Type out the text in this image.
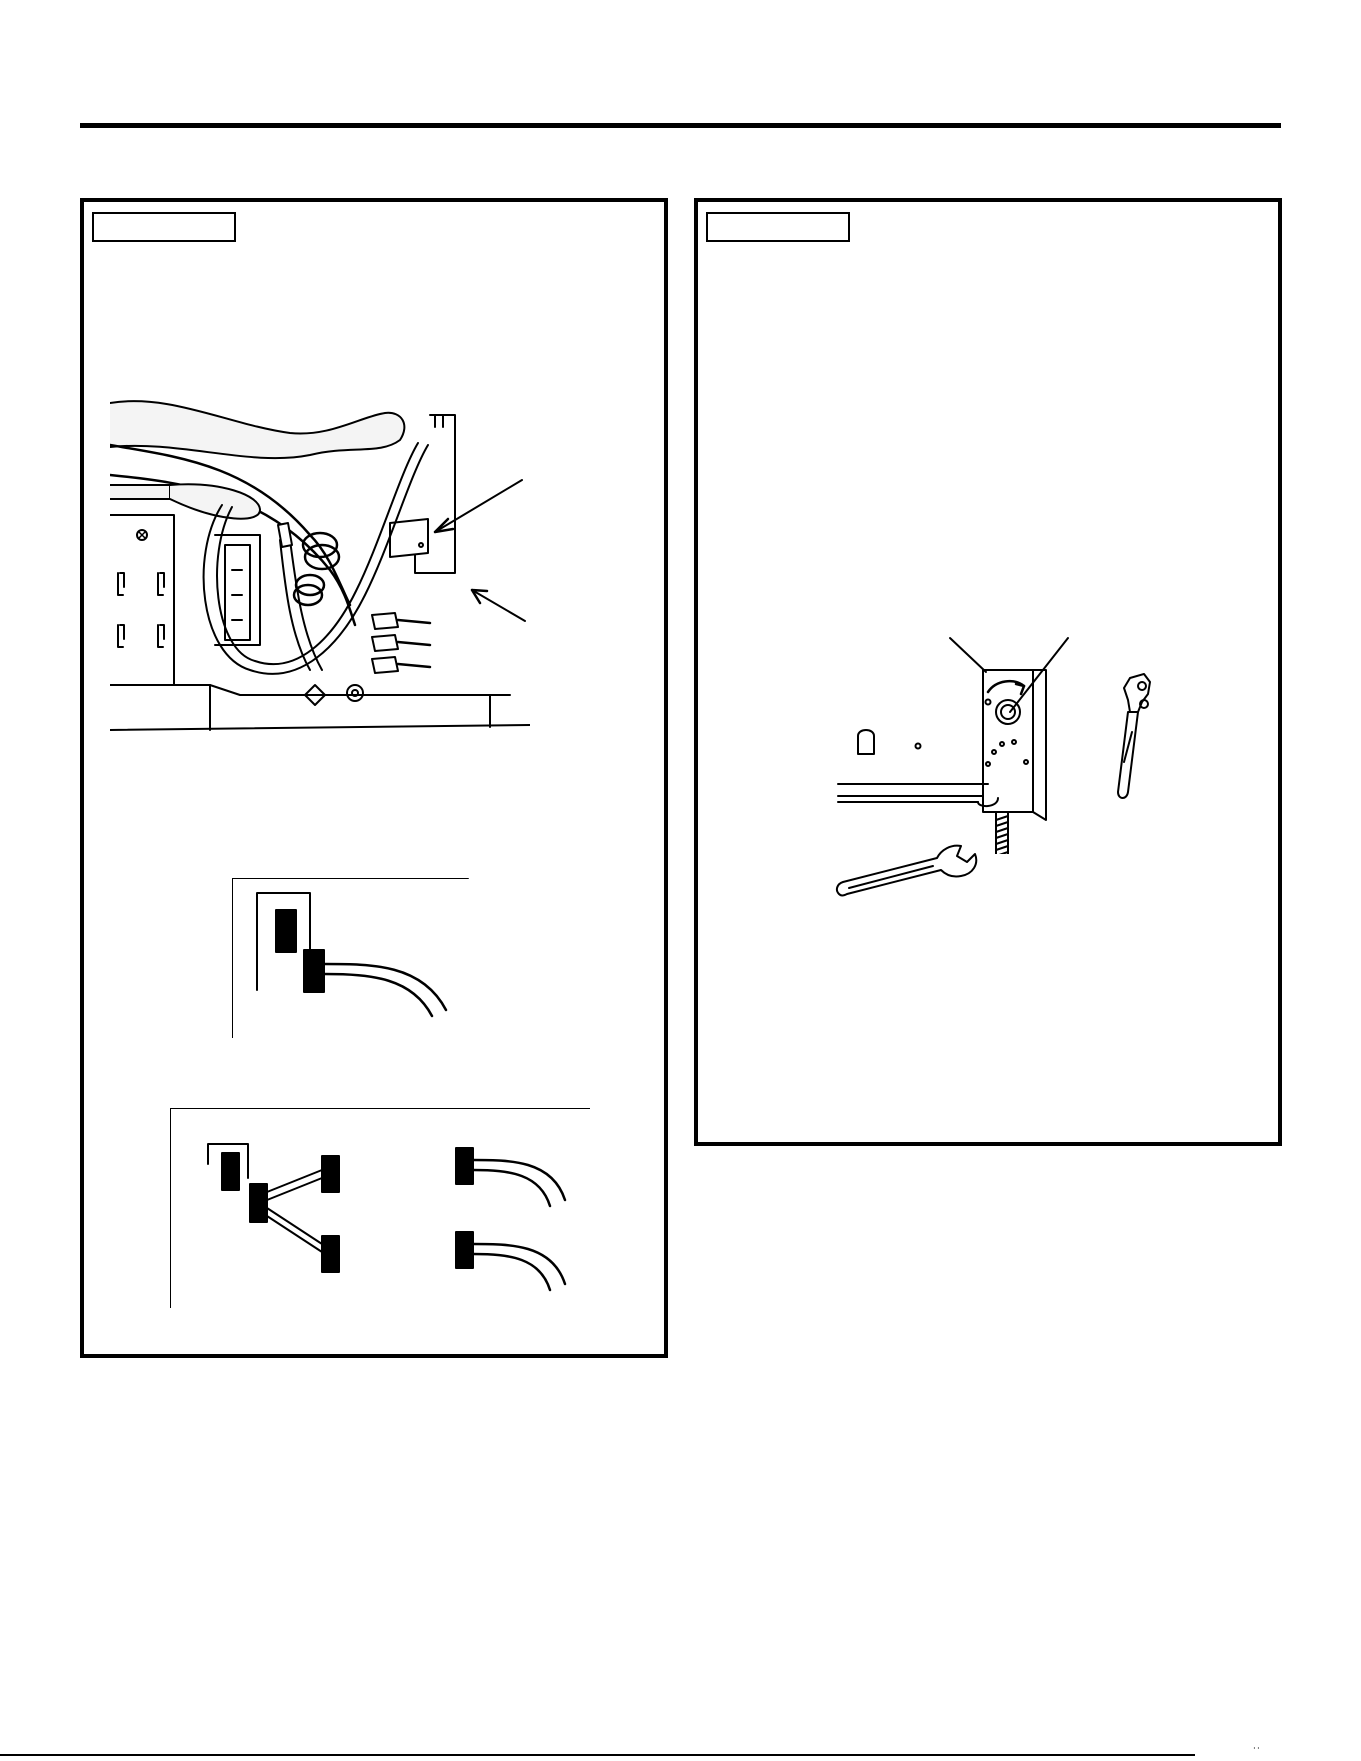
˙˙
